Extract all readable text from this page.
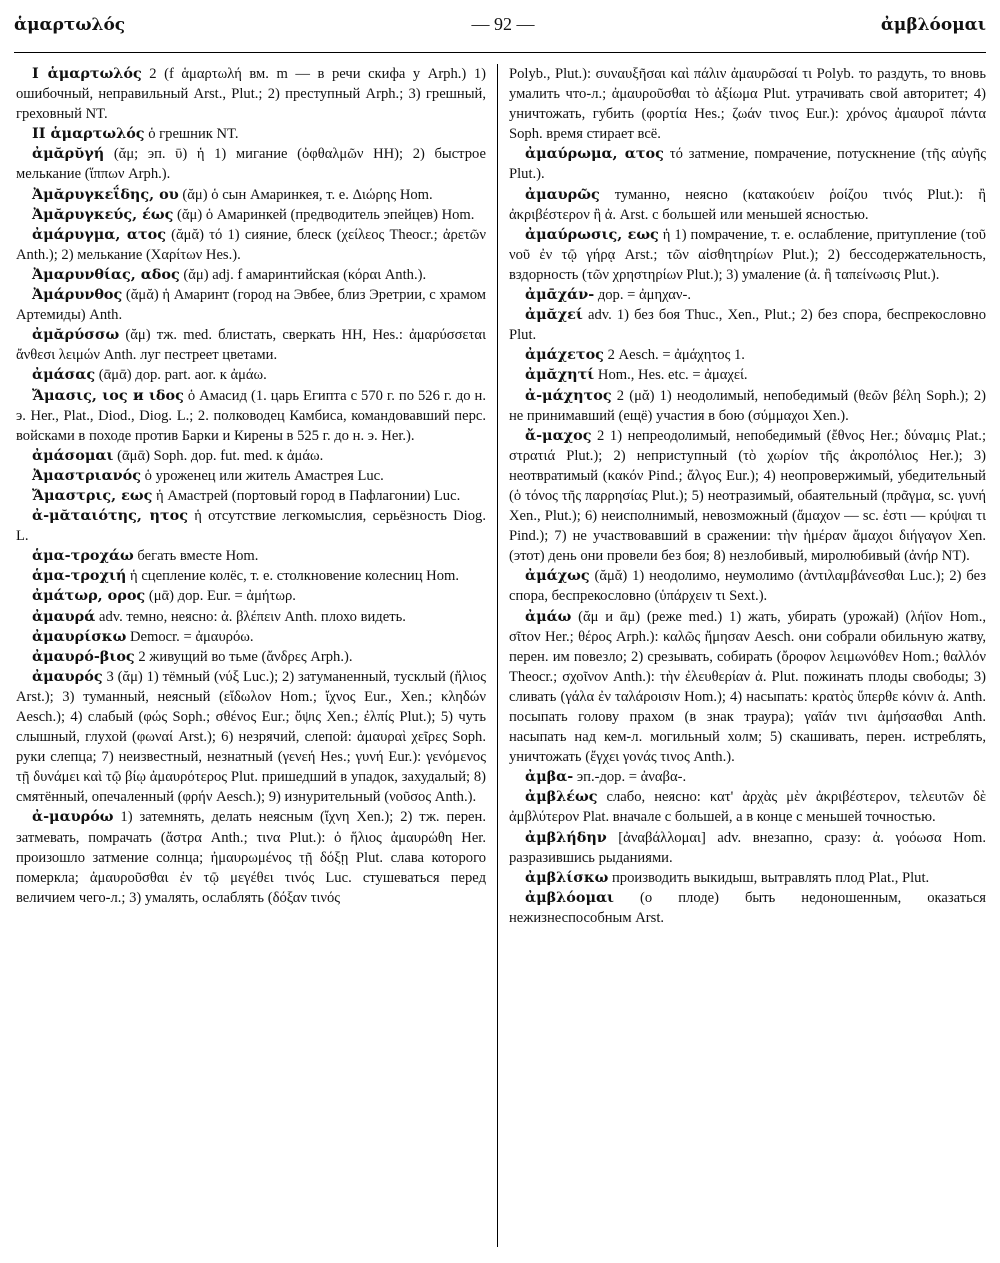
ἁμαρτωλός	— 92 —	ἀμβλόομαι

I ἁμαρτωλός 2 (f ἁμαρτωλή вм. m — в речи скифа у Arph.) 1) ошибочный, неправильный Arst., Plut.; 2) преступный Arph.; 3) грешный, греховный NT.

II ἁμαρτωλός ὁ грешник NT.

ἀμᾰρῠγή (ᾰμ; эп. ῡ) ἡ 1) мигание (ὀφθαλμῶν HH); 2) быстрое мелькание (ἵππων Arph.).

Ἀμᾰρυγκεΐδης, ου (ᾰμ) ὁ сын Амаринкея, т. е. Διώρης Hom.

Ἀμᾰρυγκεύς, έως (ᾰμ) ὁ Амаринкей (предводитель эпейцев) Hom.

ἀμάρυγμα, ατος (ᾰμᾰ) τό 1) сияние, блеск (χείλεος Theocr.; ἀρετῶν Anth.); 2) мелькание (Χαρίτων Hes.).

Ἀμαρυνθίας, αδος (ᾰμ) adj. f амаринтийская (κόραι Anth.).

Ἀμάρυνθος (ᾰμᾰ) ἡ Амаринт (город на Эвбее, близ Эретрии, с храмом Артемиды) Anth.

ἀμᾰρύσσω (ᾰμ) тж. med. блистать, сверкать HH, Hes.: ἀμαρύσσεται ἄνθεσι λειμών Anth. луг пестреет цветами.

ἀμάσας (ᾱμᾱ) дор. part. aor. к ἀμάω.

Ἄμασις, ιος и ιδος ὁ Амасид (1. царь Египта с 570 г. по 526 г. до н. э. Her., Plat., Diod., Diog. L.; 2. полководец Камбиса, командовавший перс. войсками в походе против Барки и Кирены в 525 г. до н. э. Her.).

ἀμάσομαι (ᾱμᾱ) Soph. дор. fut. med. к ἀμάω.

Ἀμαστριανός ὁ уроженец или житель Амастрея Luc.

Ἄμαστρις, εως ἡ Амастрей (портовый город в Пафлагонии) Luc.

ἀ-μᾰταιότης, ητος ἡ отсутствие легкомыслия, серьёзность Diog. L.

ἁμα-τροχάω бегать вместе Hom.

ἁμα-τροχιή ἡ сцепление колёс, т. е. столкновение колесниц Hom.

ἀμάτωρ, ορος (μᾱ) дор. Eur. = ἀμήτωρ.

ἀμαυρά adv. темно, неясно: ἀ. βλέπειν Anth. плохо видеть.

ἀμαυρίσκω Democr. = ἀμαυρόω.

ἀμαυρό-βιος 2 живущий во тьме (ἄνδρες Arph.).

ἀμαυρός 3 (ᾰμ) 1) тёмный (νύξ Luc.); 2) затуманенный, тусклый (ἥλιος Arst.); 3) туманный, неясный (εἴδωλον Hom.; ἴχνος Eur., Xen.; κληδών Aesch.); 4) слабый (φώς Soph.; σθένος Eur.; ὄψις Xen.; ἐλπίς Plut.); 5) чуть слышный, глухой (φωναί Arst.); 6) незрячий, слепой: ἀμαυραὶ χεῖρες Soph. руки слепца; 7) неизвестный, незнатный (γενεή Hes.; γυνή Eur.): γενόμενος τῇ δυνάμει καὶ τῷ βίῳ ἀμαυρότερος Plut. пришедший в упадок, захудалый; 8) смятённый, опечаленный (φρήν Aesch.); 9) изнурительный (νοῦσος Anth.).

ἀ-μαυρόω 1) затемнять, делать неясным (ἴχνη Xen.); 2) тж. перен. затмевать, помрачать (ἄστρα Anth.; τινα Plut.): ὁ ἥλιος ἀμαυρώθη Her. произошло затмение солнца; ἠμαυρωμένος τῇ δόξῃ Plut. слава которого померкла; ἀμαυροῦσθαι ἐν τῷ μεγέθει τινός Luc. стушеваться перед величием чего-л.; 3) умалять, ослаблять (δόξαν τινός

Polyb., Plut.): συναυξῆσαι καὶ πάλιν ἀμαυρῶσαί τι Polyb. то раздуть, то вновь умалить что-л.; ἀμαυροῦσθαι τὸ ἀξίωμα Plut. утрачивать свой авторитет; 4) уничтожать, губить (φορτία Hes.; ζωάν τινος Eur.): χρόνος ἀμαυροῖ πάντα Soph. время стирает всё.

ἀμαύρωμα, ατος τό затмение, помрачение, потускнение (τῆς αὐγῆς Plut.).

ἀμαυρῶς туманно, неясно (κατακούειν ῥοίζου τινός Plut.): ἢ ἀκριβέστερον ἢ ἀ. Arst. с большей или меньшей ясностью.

ἀμαύρωσις, εως ἡ 1) помрачение, т. е. ослабление, притупление (τοῦ νοῦ ἐν τῷ γήρᾳ Arst.; τῶν αἰσθητηρίων Plut.); 2) бессодержательность, вздорность (τῶν χρηστηρίων Plut.); 3) умаление (ἀ. ἢ ταπείνωσις Plut.).

ἀμᾱχάν- дор. = ἀμηχαν-.

ἀμᾰχεί adv. 1) без боя Thuc., Xen., Plut.; 2) без спора, беспрекословно Plut.

ἀμάχετος 2 Aesch. = ἀμάχητος 1.

ἀμᾰχητί Hom., Hes. etc. = ἀμαχεί.

ἀ-μάχητος 2 (μᾰ) 1) неодолимый, непобедимый (θεῶν βέλη Soph.); 2) не принимавший (ещё) участия в бою (σύμμαχοι Xen.).

ἄ-μαχος 2 1) непреодолимый, непобедимый (ἔθνος Her.; δύναμις Plat.; στρατιά Plut.); 2) неприступный (τὸ χωρίον τῆς ἀκροπόλιος Her.); 3) неотвратимый (κακόν Pind.; ἄλγος Eur.); 4) неопровержимый, убедительный (ὁ τόνος τῆς παρρησίας Plut.); 5) неотразимый, обаятельный (πρᾶγμα, sc. γυνή Xen., Plut.); 6) неисполнимый, невозможный (ἄμαχον — sc. ἐστι — κρύψαι τι Pind.); 7) не участвовавший в сражении: τὴν ἡμέραν ἄμαχοι διήγαγον Xen. (этот) день они провели без боя; 8) незлобивый, миролюбивый (ἀνήρ NT).

ἀμάχως (ᾰμᾰ) 1) неодолимо, неумолимо (ἀντιλαμβάνεσθαι Luc.); 2) без спора, беспрекословно (ὑπάρχειν τι Sext.).

ἀμάω (ᾰμ и ᾱμ) (реже med.) 1) жать, убирать (урожай) (λήϊον Hom., σῖτον Her.; θέρος Arph.): καλῶς ἤμησαν Aesch. они собрали обильную жатву, перен. им повезло; 2) срезывать, собирать (ὄροφον λειμωνόθεν Hom.; θαλλόν Theocr.; σχοῖνον Anth.): τὴν ἐλευθερίαν ἀ. Plut. пожинать плоды свободы; 3) сливать (γάλα ἐν ταλάροισιν Hom.); 4) насыпать: κρατὸς ὕπερθε κόνιν ἀ. Anth. посыпать голову прахом (в знак траура); γαῖάν τινι ἀμήσασθαι Anth. насыпать над кем-л. могильный холм; 5) скашивать, перен. истреблять, уничтожать (ἔγχει γονάς τινος Anth.).

ἀμβα- эп.-дор. = ἀναβα-.

ἀμβλέως слабо, неясно: κατ' ἀρχὰς μὲν ἀκριβέστερον, τελευτῶν δὲ ἀμβλύτερον Plat. вначале с большей, а в конце с меньшей точностью.

ἀμβλήδην [ἀναβάλλομαι] adv. внезапно, сразу: ἀ. γοόωσα Hom. разразившись рыданиями.

ἀμβλίσκω производить выкидыш, вытравлять плод Plat., Plut.

ἀμβλόομαι (о плоде) быть недоношенным, оказаться нежизнеспособным Arst.
